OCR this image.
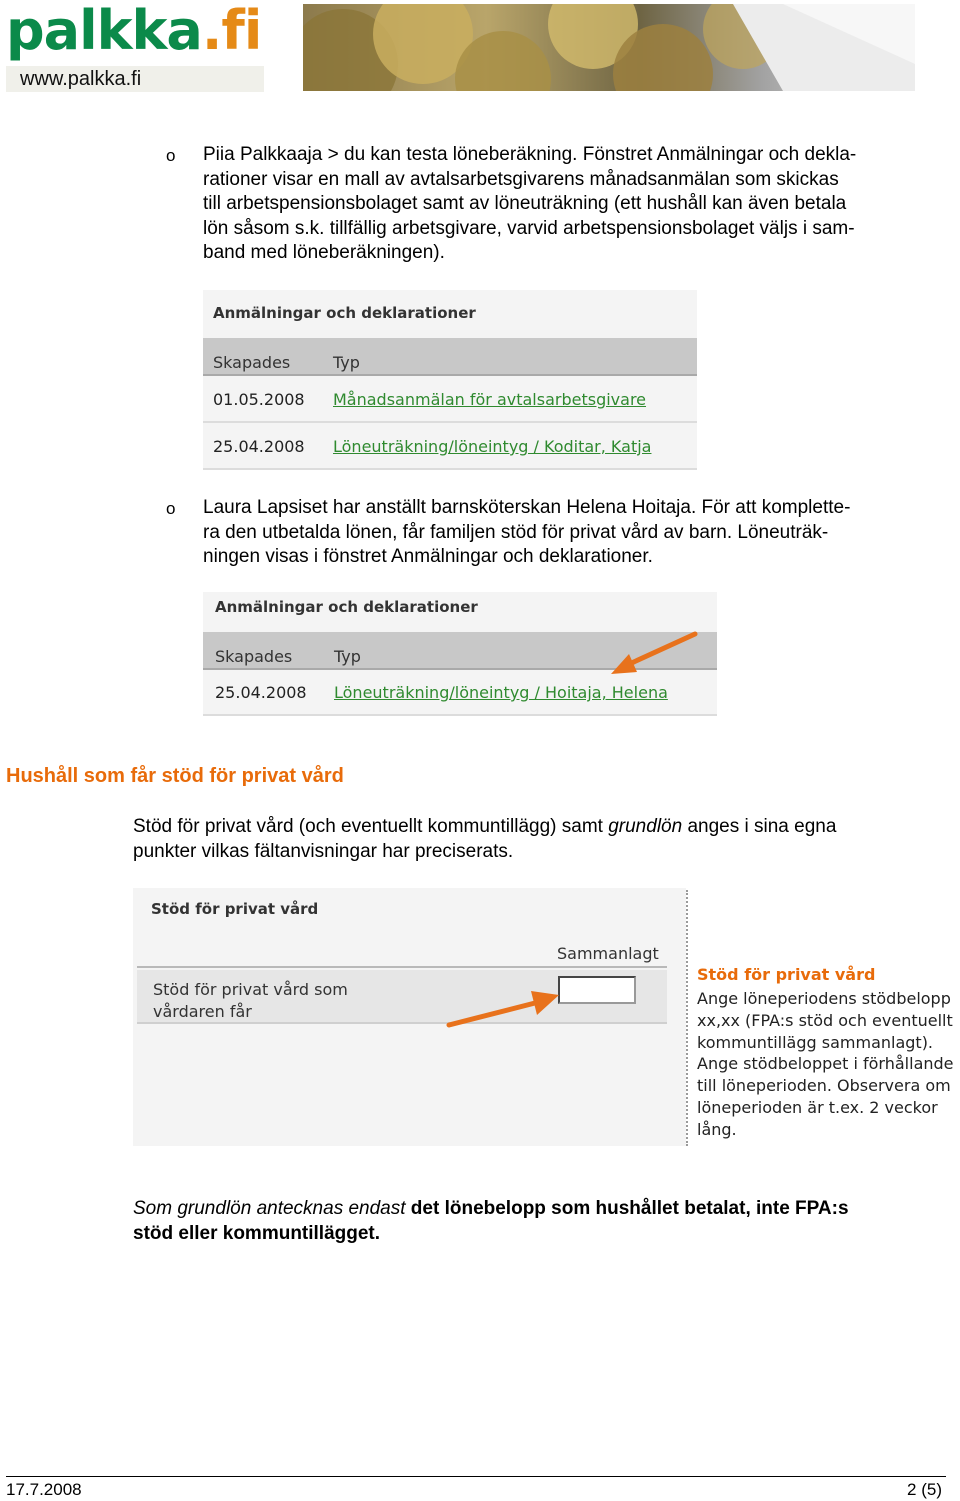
palkka.fi
www.palkka.fi
o Piia Palkkaaja > du kan testa löneberäkning. Fönstret Anmälningar och dekla-
rationer visar en mall av avtalsarbetsgivarens månadsanmälan som skickas
till arbetspensionsbolaget samt av löneuträkning (ett hushåll kan även betala
lön såsom s.k. tillfällig arbetsgivare, varvid arbetspensionsbolaget väljs i sam-
band med löneberäkningen).
Anmälningar och deklarationer
Skapades	Typ
01.05.2008 Månadsanmälan för avtalsarbetsgivare
25.04.2008 Löneuträkning/löneintyg / Koditar, Katja
o Laura Lapsiset har anställt barnsköterskan Helena Hoitaja. För att komplette-
ra den utbetalda lönen, får familjen stöd för privat vård av barn. Löneuträk-
ningen visas i fönstret Anmälningar och deklarationer.
Anmälningar och deklarationer
Skapades	Typ
25.04.2008 Löneuträkning/löneintyg / Hoitaja, Helena
Hushåll som får stöd för privat vård
Stöd för privat vård (och eventuellt kommuntillägg) samt grundlön anges i sina egna
punkter vilkas fältanvisningar har preciserats.
Stöd för privat vård
Sammanlagt
Stöd för privat vård som
vårdaren får
Stöd för privat vård
Ange löneperiodens stödbelopp
xx,xx (FPA:s stöd och eventuellt
kommuntillägg sammanlagt).
Ange stödbeloppet i förhållande
till löneperioden. Observera om
löneperioden är t.ex. 2 veckor
lång.
Som grundlön antecknas endast det lönebelopp som hushållet betalat, inte FPA:s
stöd eller kommuntillägget.
17.7.2008	2 (5)
